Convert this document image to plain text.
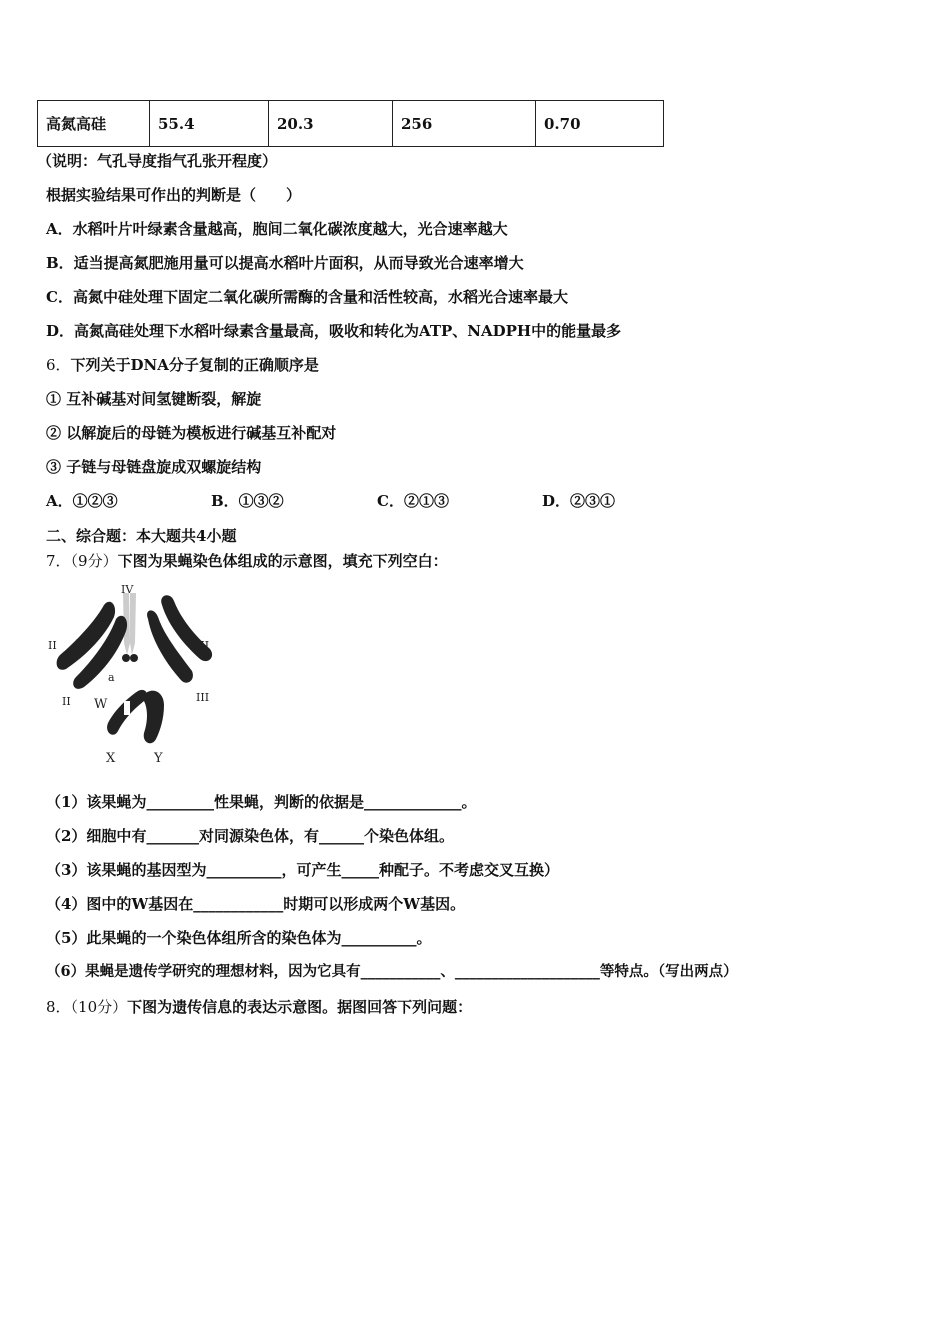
高氮高硅	55.4	20.3	256	0.70
（说明：气孔导度指气孔张开程度）
根据实验结果可作出的判断是（　　）
A．水稻叶片叶绿素含量越高，胞间二氧化碳浓度越大，光合速率越大
B．适当提高氮肥施用量可以提高水稻叶片面积，从而导致光合速率增大
C．高氮中硅处理下固定二氧化碳所需酶的含量和活性较高，水稻光合速率最大
D．高氮高硅处理下水稻叶绿素含量最高，吸收和转化为ATP、NADPH中的能量最多
6．下列关于DNA分子复制的正确顺序是
① 互补碱基对间氢键断裂，解旋
② 以解旋后的母链为模板进行碱基互补配对
③ 子链与母链盘旋成双螺旋结构
A．①②③	B．①③②	C．②①③	D．②③①
二、综合题：本大题共4小题
7．（9分）下图为果蝇染色体组成的示意图，填充下列空白：
IV
II	III
II	III
A
a
W
X	Y
（1）该果蝇为_________性果蝇，判断的依据是_____________。
（2）细胞中有_______对同源染色体，有______个染色体组。
（3）该果蝇的基因型为__________，可产生_____种配子。不考虑交叉互换）
（4）图中的W基因在____________时期可以形成两个W基因。
（5）此果蝇的一个染色体组所含的染色体为__________。
（6）果蝇是遗传学研究的理想材料，因为它具有___________、____________________等特点。（写出两点）
8．（10分）下图为遗传信息的表达示意图。据图回答下列问题：
